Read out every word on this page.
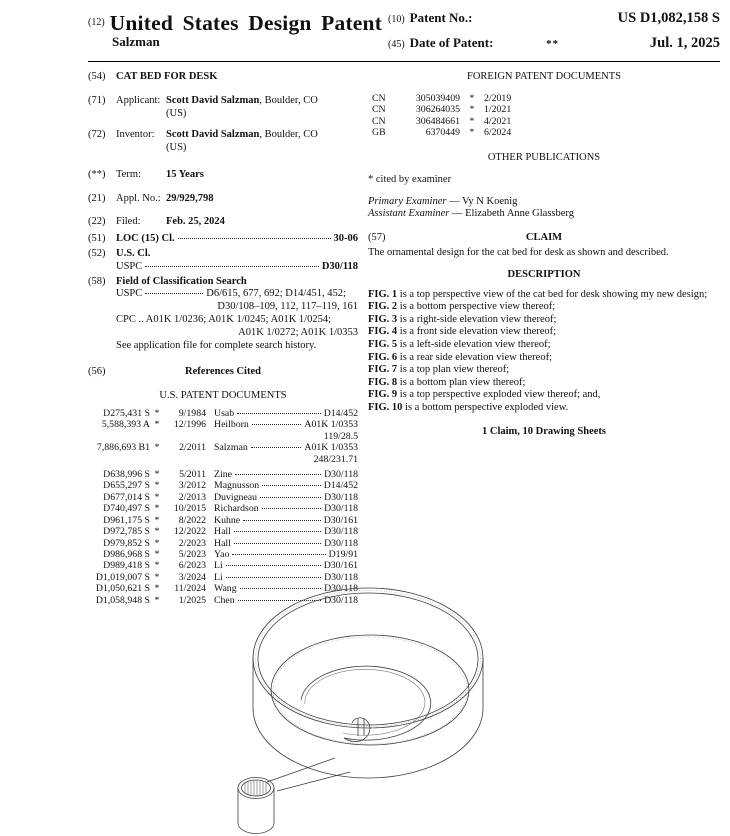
(12) United States Design Patent (10) Patent No.:	US D1,082,158 S
Salzman	(45) Date of Patent:	**	Jul. 1, 2025
(54)	CAT BED FOR DESK
(71)	Applicant: Scott David Salzman, Boulder, CO
(US)
(72)	Inventor:	Scott David Salzman, Boulder, CO
(US)
(**)	Term:	15 Years
(21)	Appl. No.: 29/929,798
(22)	Filed:	Feb. 25, 2024
(51)	LOC (15) Cl.	30-06
(52)	U.S. Cl.
USPC	D30/118
(58)	Field of Classification Search
USPC	D6/615, 677, 692; D14/451, 452;
D30/108–109, 112, 117–119, 161
CPC .. A01K 1/0236; A01K 1/0245; A01K 1/0254;
A01K 1/0272; A01K 1/0353
See application file for complete search history.
(56)	References Cited
U.S. PATENT DOCUMENTS
D275,431 S *	9/1984 Usab	D14/452
5,588,393 A *	12/1996 Heilborn	A01K 1/0353
119/28.5
7,886,693 B1 *	2/2011 Salzman	A01K 1/0353
248/231.71
D638,996 S *	5/2011 Zine	D30/118
D655,297 S *	3/2012 Magnusson	D14/452
D677,014 S *	2/2013 Duvigneau	D30/118
D740,497 S *	10/2015 Richardson	D30/118
D961,175 S *	8/2022 Kuhne	D30/161
D972,785 S *	12/2022 Hall	D30/118
D979,852 S *	2/2023 Hall	D30/118
D986,968 S *	5/2023 Yao	D19/91
D989,418 S *	6/2023 Li	D30/161
D1,019,007 S *	3/2024 Li	D30/118
D1,050,621 S *	11/2024 Wang	D30/118
D1,058,948 S *	1/2025 Chen	D30/118
FOREIGN PATENT DOCUMENTS
CN	305039409 * 2/2019
CN	306264035 * 1/2021
CN	306484661 * 4/2021
GB	6370449 * 6/2024
OTHER PUBLICATIONS

* cited by examiner
Primary Examiner — Vy N Koenig
Assistant Examiner — Elizabeth Anne Glassberg
(57)	CLAIM
The ornamental design for the cat bed for desk as shown and described.
DESCRIPTION
FIG. 1 is a top perspective view of the cat bed for desk showing my new design;
FIG. 2 is a bottom perspective view thereof;
FIG. 3 is a right-side elevation view thereof;
FIG. 4 is a front side elevation view thereof;
FIG. 5 is a left-side elevation view thereof;
FIG. 6 is a rear side elevation view thereof;
FIG. 7 is a top plan view thereof;
FIG. 8 is a bottom plan view thereof;
FIG. 9 is a top perspective exploded view thereof; and,
FIG. 10 is a bottom perspective exploded view.
1 Claim, 10 Drawing Sheets
